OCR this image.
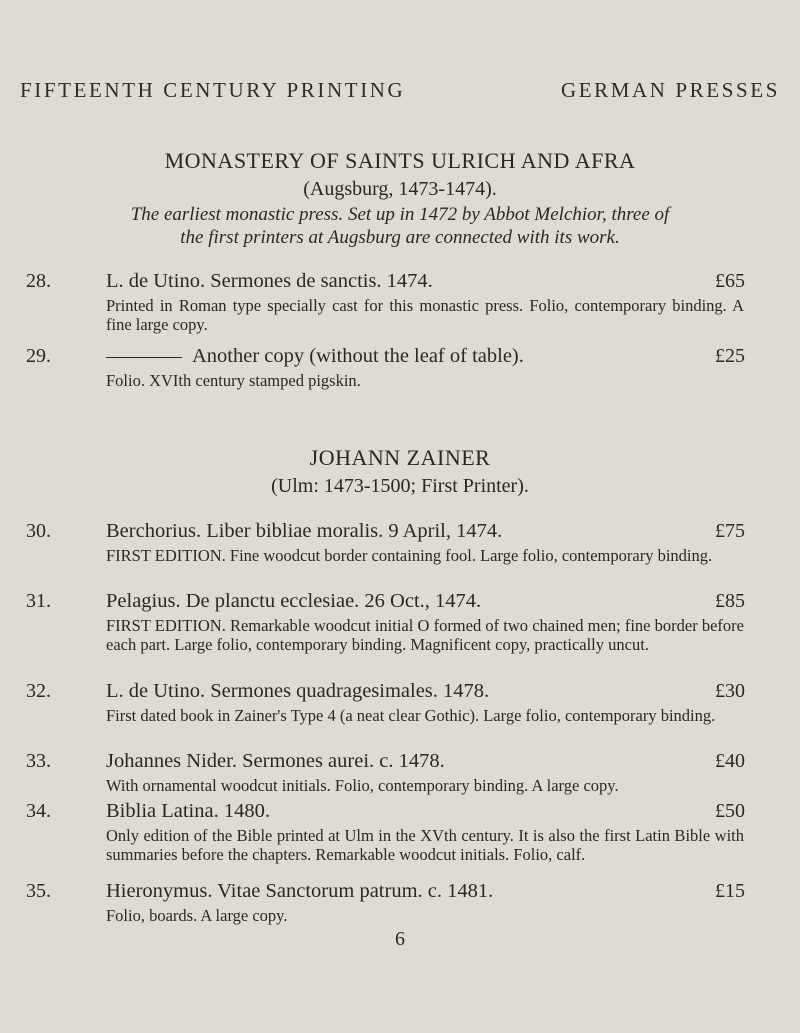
FIFTEENTH CENTURY PRINTING	GERMAN PRESSES
MONASTERY OF SAINTS ULRICH AND AFRA
(Augsburg, 1473-1474).
The earliest monastic press. Set up in 1472 by Abbot Melchior, three of the first printers at Augsburg are connected with its work.
28.	L. de Utino. Sermones de sanctis. 1474.	£65
Printed in Roman type specially cast for this monastic press. Folio, contemporary binding. A fine large copy.
29.	Another copy (without the leaf of table).	£25
Folio. XVIth century stamped pigskin.
JOHANN ZAINER
(Ulm: 1473-1500; First Printer).
30.	Berchorius. Liber bibliae moralis. 9 April, 1474.	£75
FIRST EDITION. Fine woodcut border containing fool. Large folio, contemporary binding.
31.	Pelagius. De planctu ecclesiae. 26 Oct., 1474.	£85
FIRST EDITION. Remarkable woodcut initial O formed of two chained men; fine border before each part. Large folio, contemporary binding. Magnificent copy, practically uncut.
32.	L. de Utino. Sermones quadragesimales. 1478.	£30
First dated book in Zainer's Type 4 (a neat clear Gothic). Large folio, contemporary binding.
33.	Johannes Nider. Sermones aurei. c. 1478.	£40
With ornamental woodcut initials. Folio, contemporary binding. A large copy.
34.	Biblia Latina. 1480.	£50
Only edition of the Bible printed at Ulm in the XVth century. It is also the first Latin Bible with summaries before the chapters. Remarkable woodcut initials. Folio, calf.
35.	Hieronymus. Vitae Sanctorum patrum. c. 1481.	£15
Folio, boards. A large copy.
6
